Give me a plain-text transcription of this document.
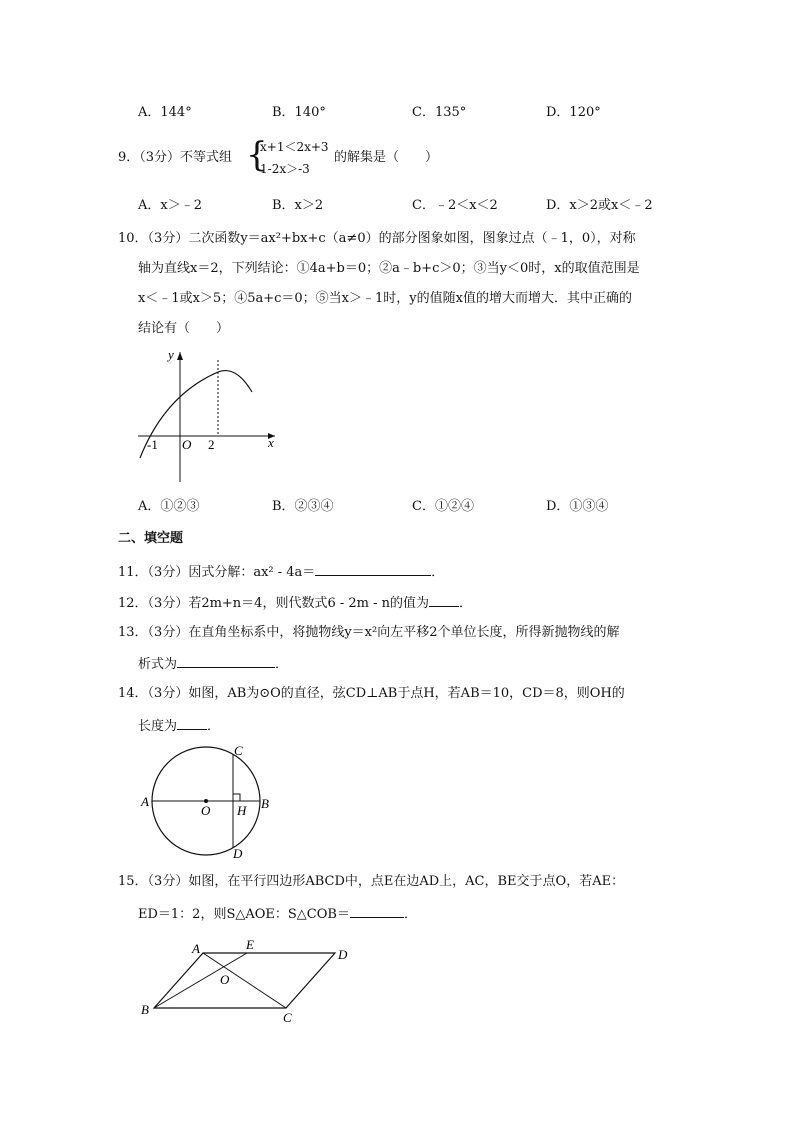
A．144°	B．140°	C．135°	D．120°
9．（3分）不等式组 {
x+1＜2x+3
1-2x＞-3
的解集是（　　）
A．x＞﹣2	B．x＞2	C．﹣2＜x＜2	D．x＞2或x＜﹣2
10．（3分）二次函数y＝ax²+bx+c（a≠0）的部分图象如图，图象过点（﹣1，0），对称
轴为直线x＝2，下列结论：①4a+b＝0；②a﹣b+c＞0；③当y＜0时，x的取值范围是
x＜﹣1或x＞5；④5a+c＝0；⑤当x＞﹣1时，y的值随x值的增大而增大．其中正确的
结论有（　　）
y
x
-1 O 2
A．①②③	B．②③④	C．①②④	D．①③④
二、填空题
11．（3分）因式分解：ax² - 4a＝	．
12．（3分）若2m+n＝4，则代数式6 - 2m - n的值为 ．
13．（3分）在直角坐标系中，将抛物线y＝x²向左平移2个单位长度，所得新抛物线的解
析式为	．
14．（3分）如图，AB为⊙O的直径，弦CD⊥AB于点H，若AB＝10，CD＝8，则OH的
长度为 ．
A	B
C
D
O H
15．（3分）如图，在平行四边形ABCD中，点E在边AD上，AC，BE交于点O，若AE：
ED＝1：2，则S△AOE：S△COB＝	．
A	E
D
O
B
C
